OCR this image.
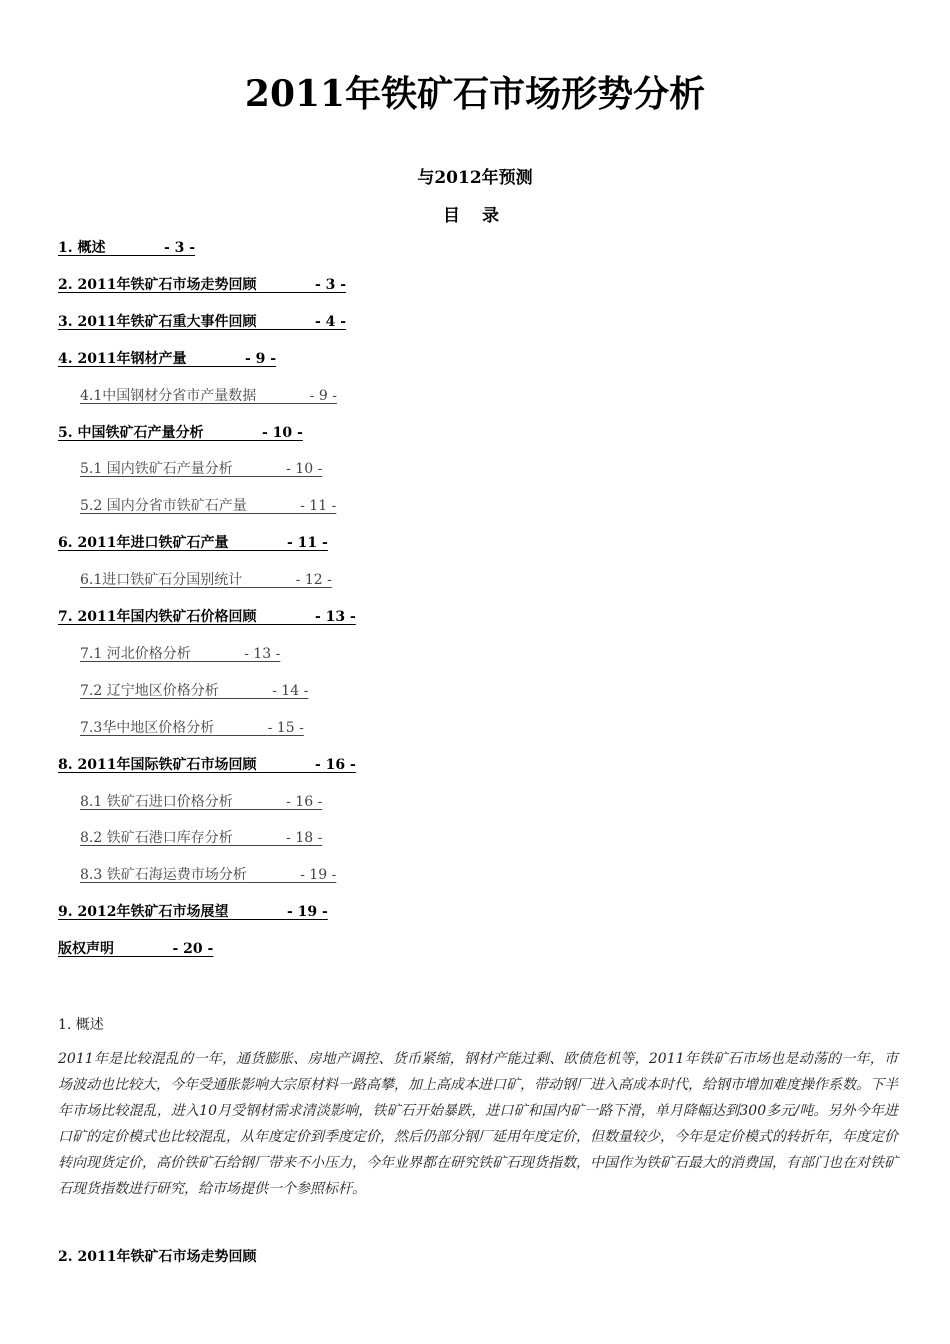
2011年铁矿石市场形势分析
与2012年预测
目 录
1. 概述	- 3 -
2. 2011年铁矿石市场走势回顾	- 3 -
3. 2011年铁矿石重大事件回顾	- 4 -
4. 2011年钢材产量	- 9 -
4.1中国钢材分省市产量数据	- 9 -
5. 中国铁矿石产量分析	- 10 -
5.1 国内铁矿石产量分析	- 10 -
5.2 国内分省市铁矿石产量	- 11 -
6. 2011年进口铁矿石产量	- 11 -
6.1进口铁矿石分国别统计	- 12 -
7. 2011年国内铁矿石价格回顾	- 13 -
7.1 河北价格分析	- 13 -
7.2 辽宁地区价格分析	- 14 -
7.3华中地区价格分析	- 15 -
8. 2011年国际铁矿石市场回顾	- 16 -
8.1 铁矿石进口价格分析	- 16 -
8.2 铁矿石港口库存分析	- 18 -
8.3 铁矿石海运费市场分析	- 19 -
9. 2012年铁矿石市场展望	- 19 -
版权声明	- 20 -
1. 概述

2011年是比较混乱的一年，通货膨胀、房地产调控、货币紧缩，钢材产能过剩、欧债危机等，2011年铁矿石市场也是动荡的一年，市场波动也比较大，今年受通胀影响大宗原材料一路高攀，加上高成本进口矿，带动钢厂进入高成本时代，给钢市增加难度操作系数。下半年市场比较混乱，进入10月受钢材需求清淡影响，铁矿石开始暴跌，进口矿和国内矿一路下滑，单月降幅达到300多元/吨。另外今年进口矿的定价模式也比较混乱，从年度定价到季度定价，然后仍部分钢厂延用年度定价，但数量较少，今年是定价模式的转折年，年度定价转向现货定价，高价铁矿石给钢厂带来不小压力，今年业界都在研究铁矿石现货指数，中国作为铁矿石最大的消费国，有部门也在对铁矿石现货指数进行研究，给市场提供一个参照标杆。

2. 2011年铁矿石市场走势回顾
